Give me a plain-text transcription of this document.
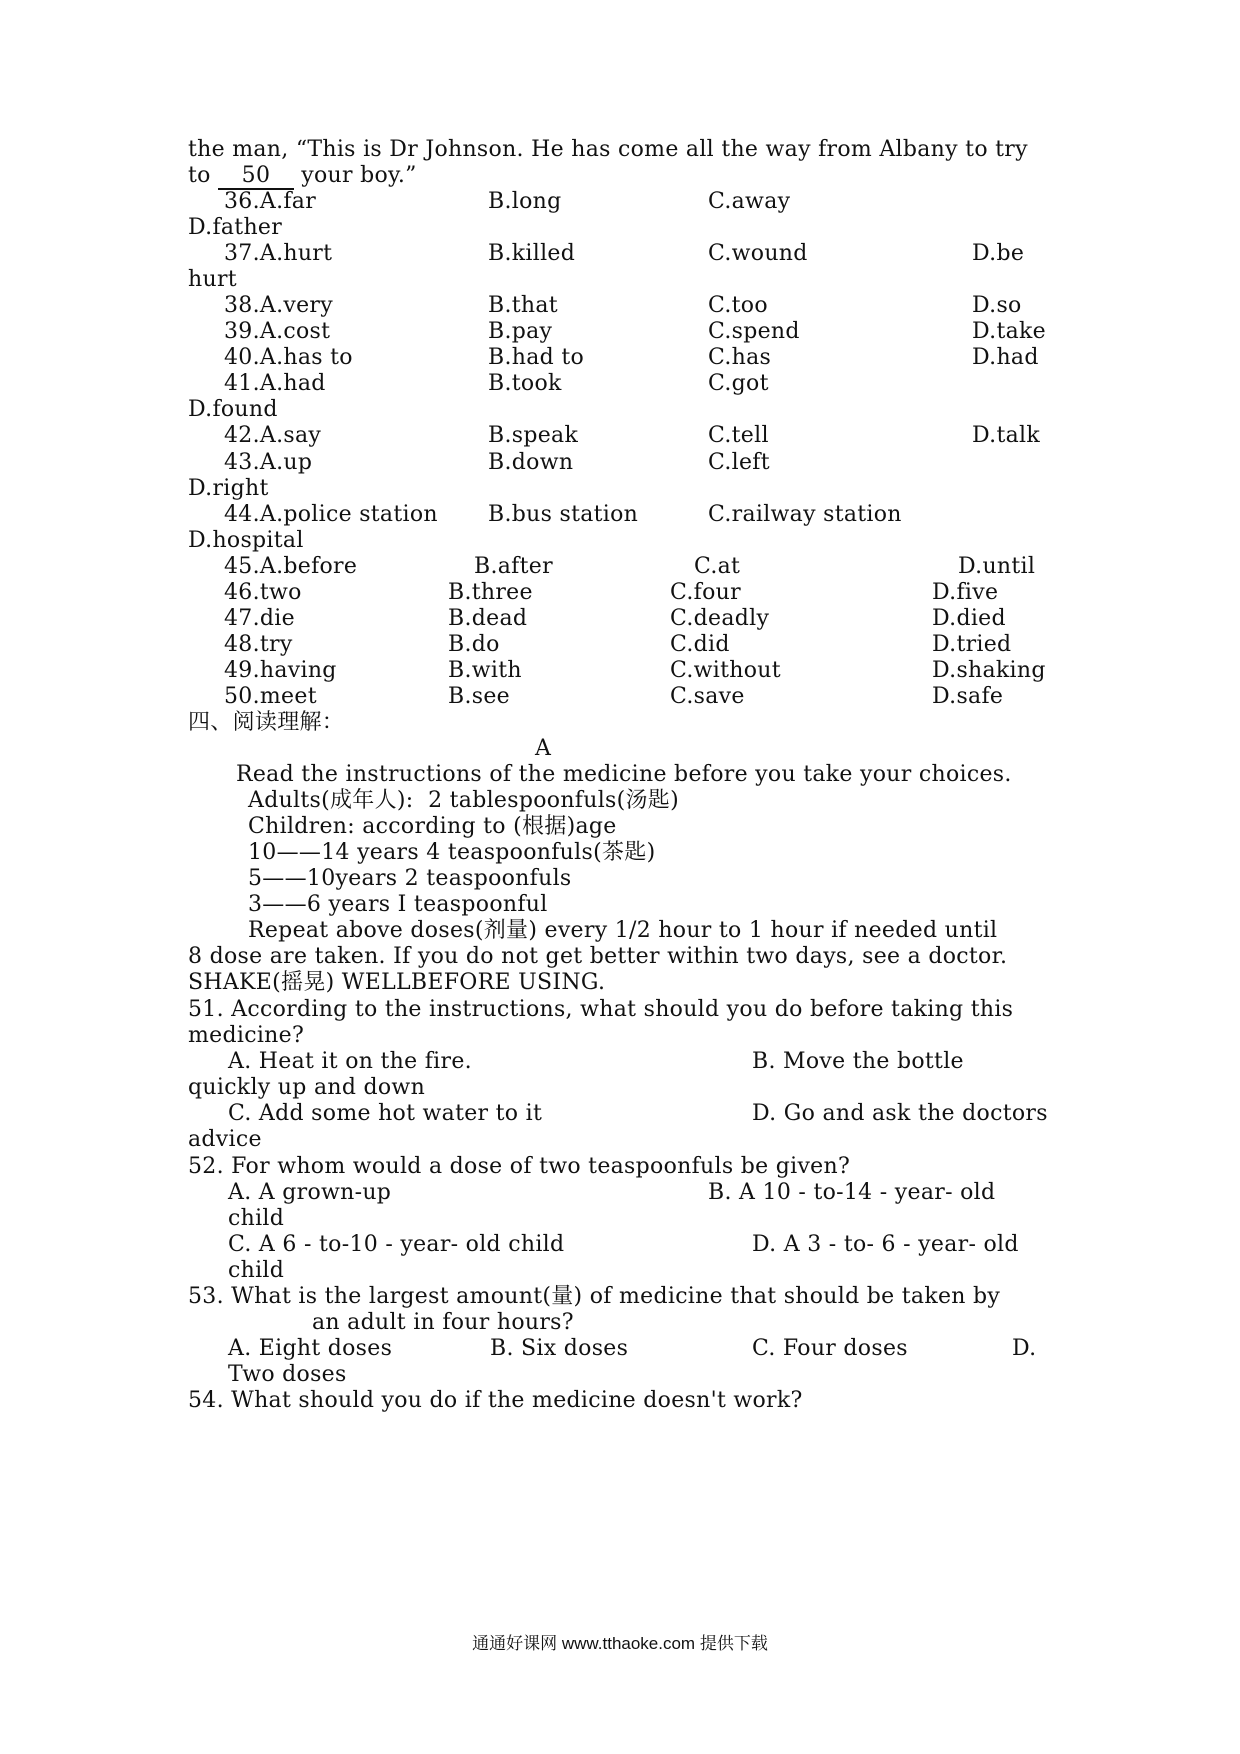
the man, “This is Dr Johnson. He has come all the way from Albany to try
to 50 your boy.”
36.A.far	B.long	C.away
D.father
37.A.hurt	B.killed	C.wound	D.be
hurt
38.A.very	B.that	C.too	D.so
39.A.cost	B.pay	C.spend	D.take
40.A.has to	B.had to	C.has	D.had
41.A.had	B.took	C.got
D.found
42.A.say	B.speak	C.tell	D.talk
43.A.up	B.down	C.left
D.right
44.A.police station B.bus station	C.railway station
D.hospital
45.A.before	B.after	C.at	D.until
46.two	B.three	C.four	D.five
47.die	B.dead	C.deadly	D.died
48.try	B.do	C.did	D.tried
49.having	B.with	C.without	D.shaking
50.meet	B.see	C.save	D.safe
四、阅读理解：
A
Read the instructions of the medicine before you take your choices.
Adults(成年人):  2 tablespoonfuls(汤匙)
Children: according to (根据)age
10——14 years 4 teaspoonfuls(茶匙)
5——10years 2 teaspoonfuls
3——6 years I teaspoonful
Repeat above doses(剂量) every 1/2 hour to 1 hour if needed until
8 dose are taken. If you do not get better within two days, see a doctor.
SHAKE(摇晃) WELLBEFORE USING.
51. According to the instructions, what should you do before taking this
medicine?
A. Heat it on the fire.	B. Move the bottle
quickly up and down
C. Add some hot water to it	D. Go and ask the doctors
advice
52. For whom would a dose of two teaspoonfuls be given?
A. A grown-up	B. A 10 - to-14 - year- old
child
C. A 6 - to-10 - year- old child	D. A 3 - to- 6 - year- old
child
53. What is the largest amount(量) of medicine that should be taken by
an adult in four hours?
A. Eight doses	B. Six doses	C. Four doses	D.
Two doses
54. What should you do if the medicine doesn't work?
通通好课网 www.tthaoke.com 提供下载
